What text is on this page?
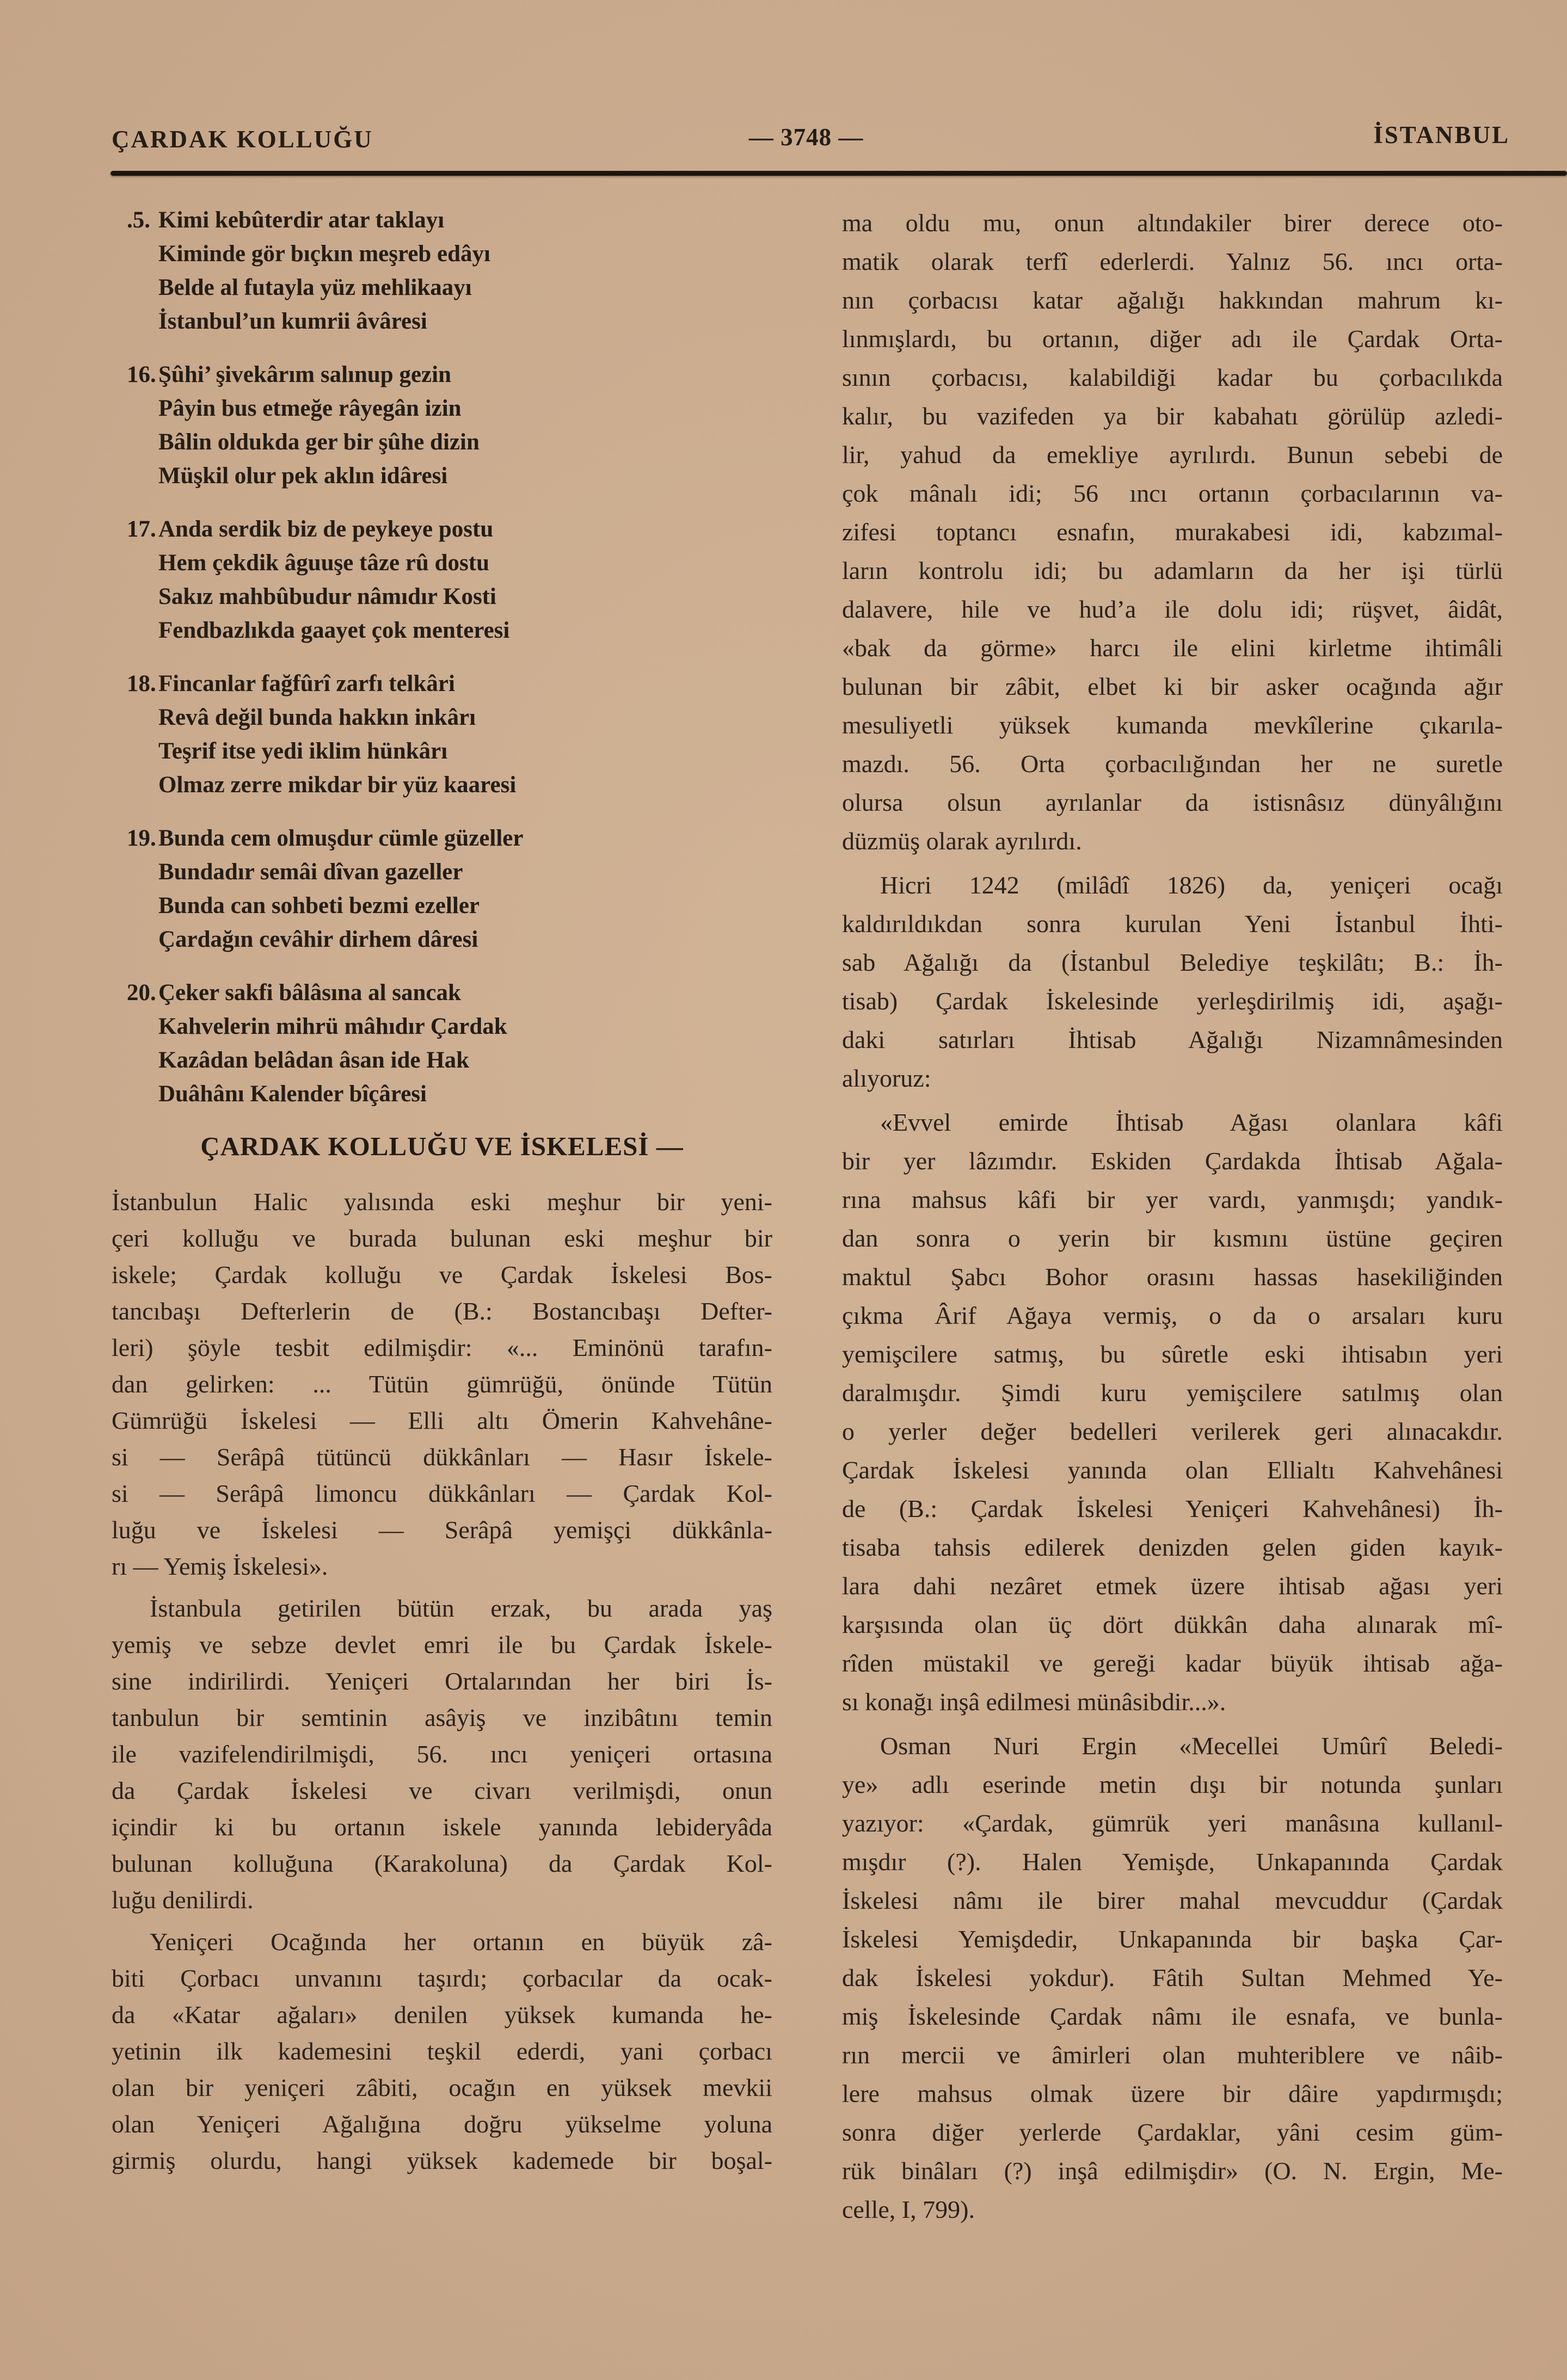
ÇARDAK KOLLUĞU	— 3748 —	İSTANBUL
.5. Kimi kebûterdir atar taklayı
Kiminde gör bıçkın meşreb edâyı
Belde al futayla yüz mehlikaayı
İstanbul’un kumrii âvâresi
16. Şûhi’ şivekârım salınup gezin
Pâyin bus etmeğe râyegân izin
Bâlin oldukda ger bir şûhe dizin
Müşkil olur pek aklın idâresi
17. Anda serdik biz de peykeye postu
Hem çekdik âguuşe tâze rû dostu
Sakız mahbûbudur nâmıdır Kosti
Fendbazlıkda gaayet çok menteresi
18. Fincanlar fağfûrî zarfı telkâri
Revâ değil bunda hakkın inkârı
Teşrif itse yedi iklim hünkârı
Olmaz zerre mikdar bir yüz kaaresi
19. Bunda cem olmuşdur cümle güzeller
Bundadır semâi dîvan gazeller
Bunda can sohbeti bezmi ezeller
Çardağın cevâhir dirhem dâresi
20. Çeker sakfi bâlâsına al sancak
Kahvelerin mihrü mâhıdır Çardak
Kazâdan belâdan âsan ide Hak
Duâhânı Kalender bîçâresi
ÇARDAK KOLLUĞU VE İSKELESİ —
İstanbulun Halic yalısında eski meşhur bir yeni-
çeri kolluğu ve burada bulunan eski meşhur bir
iskele; Çardak kolluğu ve Çardak İskelesi Bos-
tancıbaşı Defterlerin de (B.: Bostancıbaşı Defter-
leri) şöyle tesbit edilmişdir: «... Eminönü tarafın-
dan gelirken: ... Tütün gümrüğü, önünde Tütün
Gümrüğü İskelesi — Elli altı Ömerin Kahvehâne-
si — Serâpâ tütüncü dükkânları — Hasır İskele-
si — Serâpâ limoncu dükkânları — Çardak Kol-
luğu ve İskelesi — Serâpâ yemişçi dükkânla-
rı — Yemiş İskelesi».
İstanbula getirilen bütün erzak, bu arada yaş
yemiş ve sebze devlet emri ile bu Çardak İskele-
sine indirilirdi. Yeniçeri Ortalarından her biri İs-
tanbulun bir semtinin asâyiş ve inzibâtını temin
ile vazifelendirilmişdi, 56. ıncı yeniçeri ortasına
da Çardak İskelesi ve civarı verilmişdi, onun
içindir ki bu ortanın iskele yanında lebideryâda
bulunan kolluğuna (Karakoluna) da Çardak Kol-
luğu denilirdi.
Yeniçeri Ocağında her ortanın en büyük zâ-
biti Çorbacı unvanını taşırdı; çorbacılar da ocak-
da «Katar ağaları» denilen yüksek kumanda he-
yetinin ilk kademesini teşkil ederdi, yani çorbacı
olan bir yeniçeri zâbiti, ocağın en yüksek mevkii
olan Yeniçeri Ağalığına doğru yükselme yoluna
girmiş olurdu, hangi yüksek kademede bir boşal-
ma oldu mu, onun altındakiler birer derece oto-
matik olarak terfî ederlerdi. Yalnız 56. ıncı orta-
nın çorbacısı katar ağalığı hakkından mahrum kı-
lınmışlardı, bu ortanın, diğer adı ile Çardak Orta-
sının çorbacısı, kalabildiği kadar bu çorbacılıkda
kalır, bu vazifeden ya bir kabahatı görülüp azledi-
lir, yahud da emekliye ayrılırdı. Bunun sebebi de
çok mânalı idi; 56 ıncı ortanın çorbacılarının va-
zifesi toptancı esnafın, murakabesi idi, kabzımal-
ların kontrolu idi; bu adamların da her işi türlü
dalavere, hile ve hud’a ile dolu idi; rüşvet, âidât,
«bak da görme» harcı ile elini kirletme ihtimâli
bulunan bir zâbit, elbet ki bir asker ocağında ağır
mesuliyetli yüksek kumanda mevkîlerine çıkarıla-
mazdı. 56. Orta çorbacılığından her ne suretle
olursa olsun ayrılanlar da istisnâsız dünyâlığını
düzmüş olarak ayrılırdı.
Hicri 1242 (milâdî 1826) da, yeniçeri ocağı
kaldırıldıkdan sonra kurulan Yeni İstanbul İhti-
sab Ağalığı da (İstanbul Belediye teşkilâtı; B.: İh-
tisab) Çardak İskelesinde yerleşdirilmiş idi, aşağı-
daki satırları İhtisab Ağalığı Nizamnâmesinden
alıyoruz:
«Evvel emirde İhtisab Ağası olanlara kâfi
bir yer lâzımdır. Eskiden Çardakda İhtisab Ağala-
rına mahsus kâfi bir yer vardı, yanmışdı; yandık-
dan sonra o yerin bir kısmını üstüne geçiren
maktul Şabcı Bohor orasını hassas hasekiliğinden
çıkma Ârif Ağaya vermiş, o da o arsaları kuru
yemişcilere satmış, bu sûretle eski ihtisabın yeri
daralmışdır. Şimdi kuru yemişcilere satılmış olan
o yerler değer bedelleri verilerek geri alınacakdır.
Çardak İskelesi yanında olan Ellialtı Kahvehânesi
de (B.: Çardak İskelesi Yeniçeri Kahvehânesi) İh-
tisaba tahsis edilerek denizden gelen giden kayık-
lara dahi nezâret etmek üzere ihtisab ağası yeri
karşısında olan üç dört dükkân daha alınarak mî-
rîden müstakil ve gereği kadar büyük ihtisab ağa-
sı konağı inşâ edilmesi münâsibdir...».
Osman Nuri Ergin «Mecellei Umûrî Beledi-
ye» adlı eserinde metin dışı bir notunda şunları
yazıyor: «Çardak, gümrük yeri manâsına kullanıl-
mışdır (?). Halen Yemişde, Unkapanında Çardak
İskelesi nâmı ile birer mahal mevcuddur (Çardak
İskelesi Yemişdedir, Unkapanında bir başka Çar-
dak İskelesi yokdur). Fâtih Sultan Mehmed Ye-
miş İskelesinde Çardak nâmı ile esnafa, ve bunla-
rın mercii ve âmirleri olan muhteriblere ve nâib-
lere mahsus olmak üzere bir dâire yapdırmışdı;
sonra diğer yerlerde Çardaklar, yâni cesim güm-
rük binâları (?) inşâ edilmişdir» (O. N. Ergin, Me-
celle, I, 799).
